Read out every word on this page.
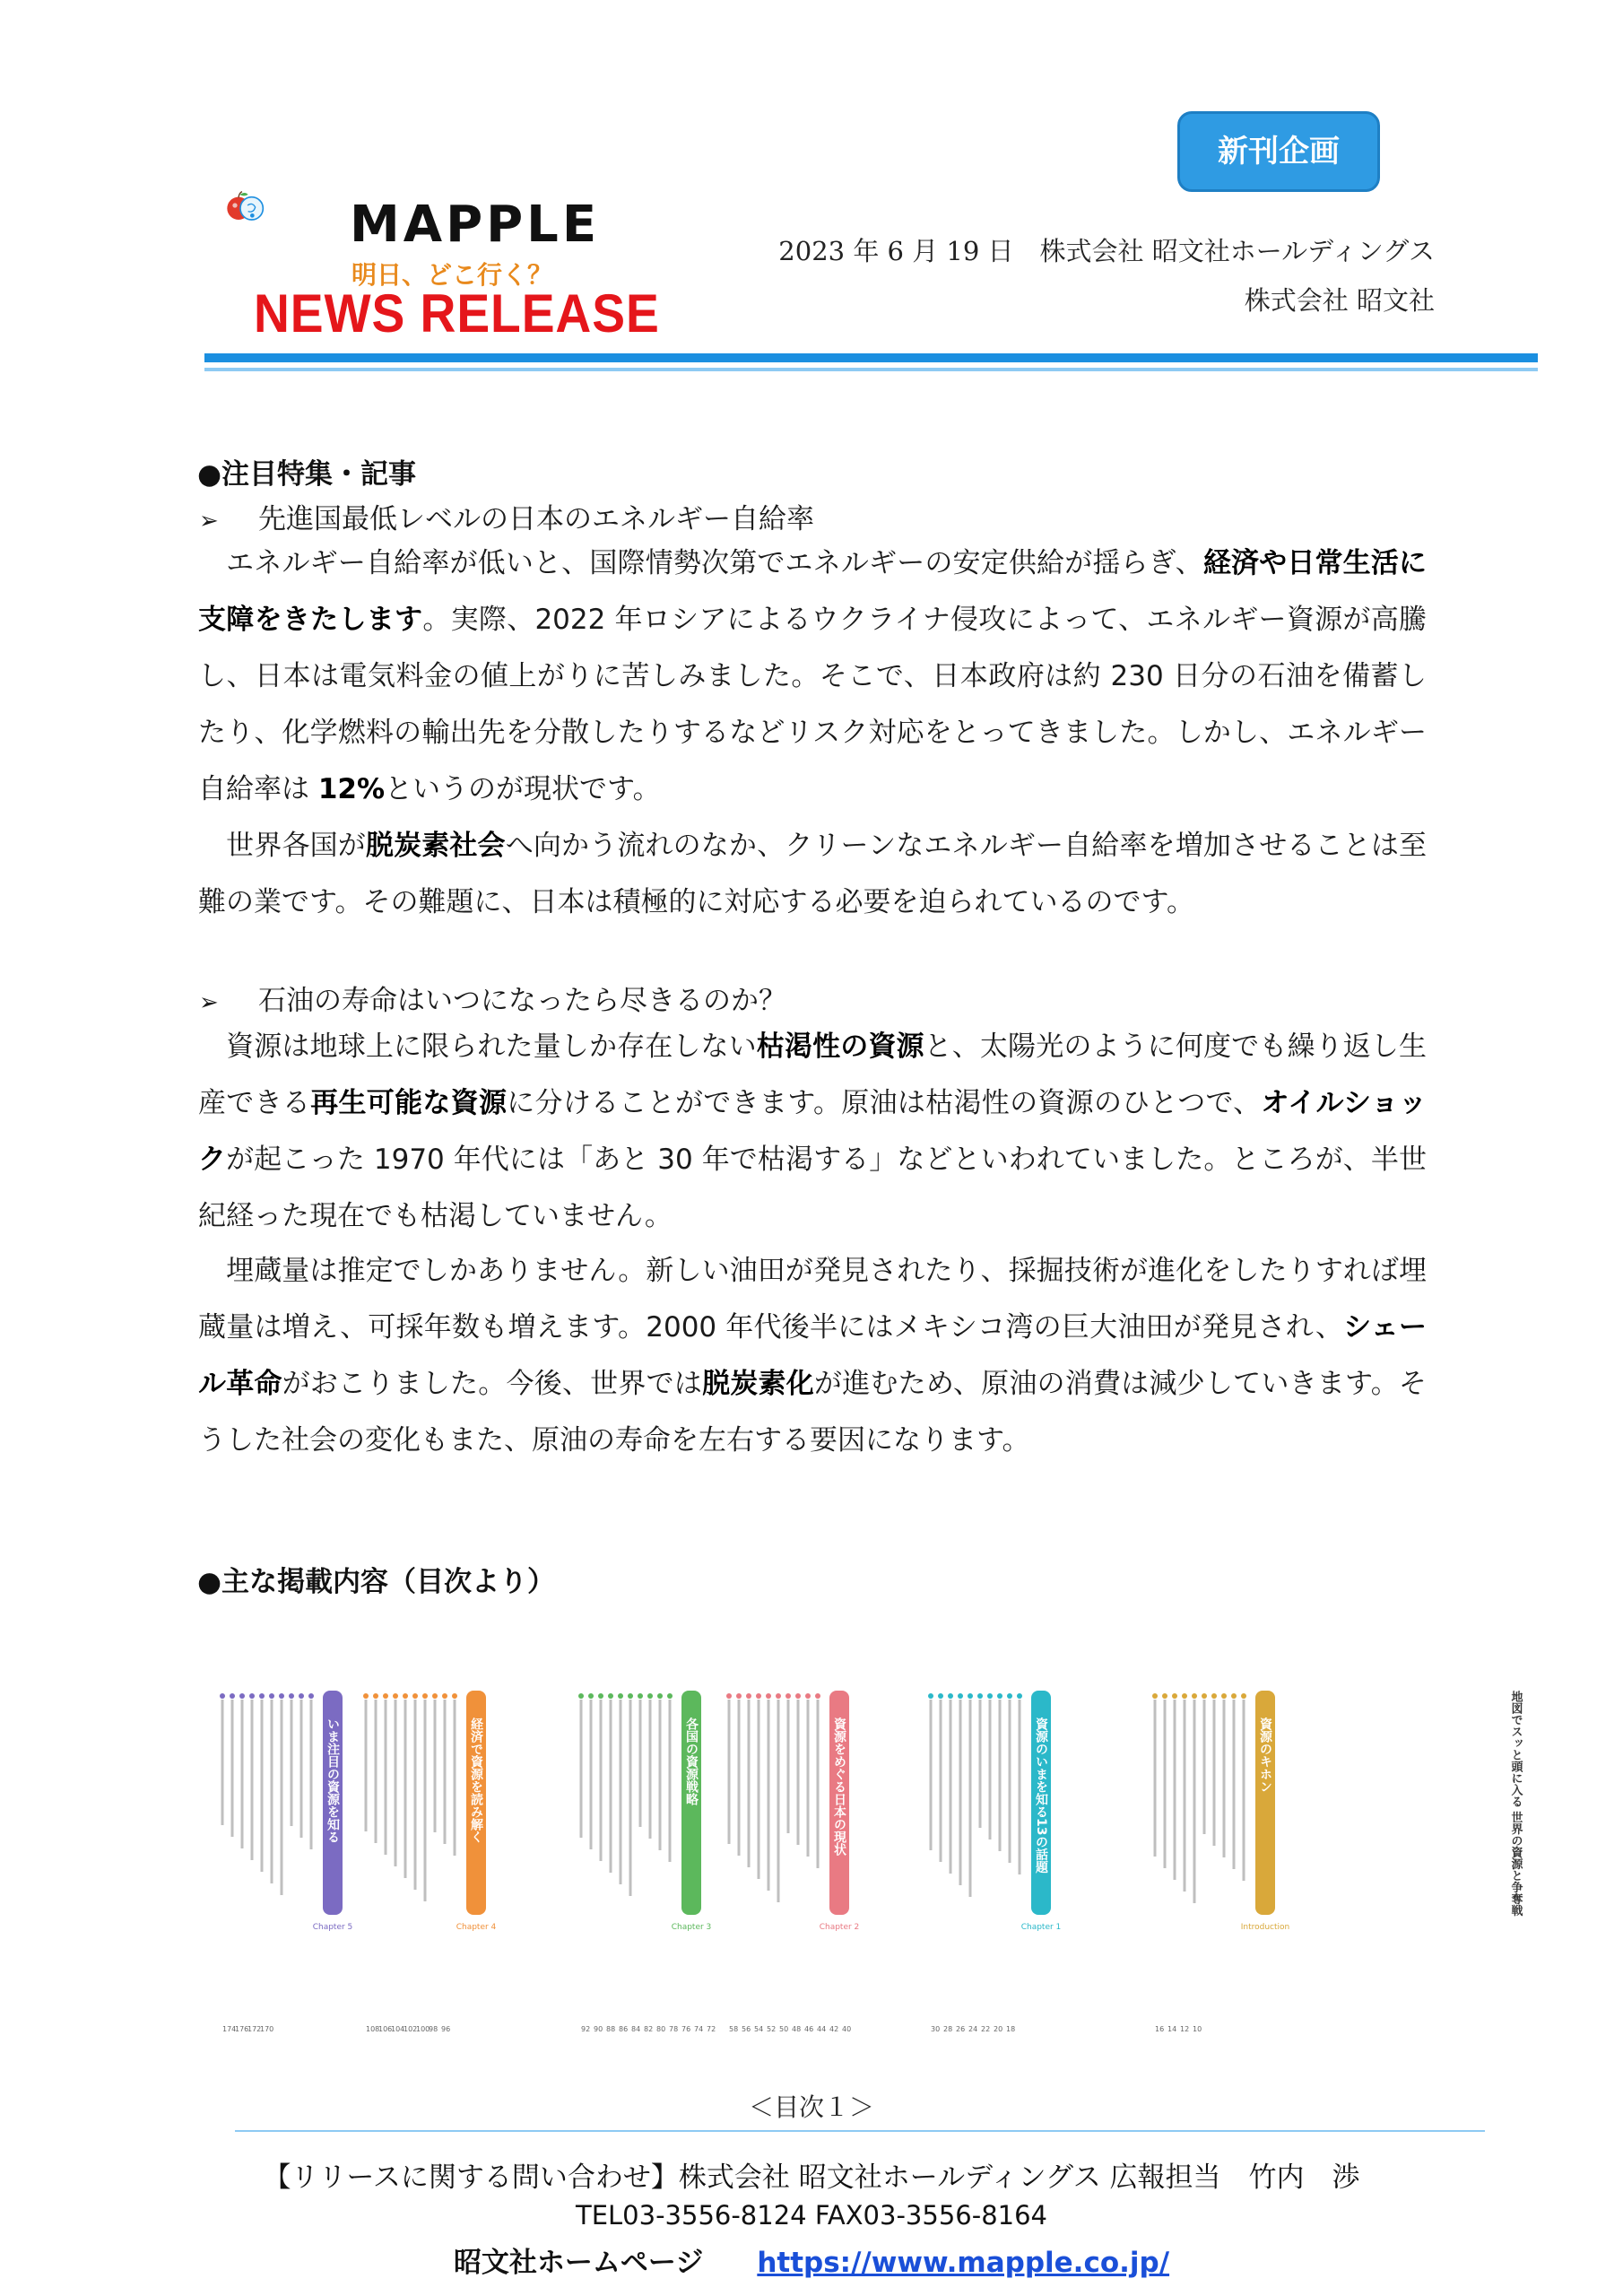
新刊企画
MAPPLE
明日、どこ行く？
NEWS RELEASE
2023 年 6 月 19 日　株式会社 昭文社ホールディングス
株式会社 昭文社
●注目特集・記事
➢ 先進国最低レベルの日本のエネルギー自給率
　エネルギー自給率が低いと、国際情勢次第でエネルギーの安定供給が揺らぎ、経済や日常生活に支障をきたします。実際、2022 年ロシアによるウクライナ侵攻によって、エネルギー資源が高騰し、日本は電気料金の値上がりに苦しみました。そこで、日本政府は約 230 日分の石油を備蓄したり、化学燃料の輸出先を分散したりするなどリスク対応をとってきました。しかし、エネルギー自給率は 12%というのが現状です。
　世界各国が脱炭素社会へ向かう流れのなか、クリーンなエネルギー自給率を増加させることは至難の業です。その難題に、日本は積極的に対応する必要を迫られているのです。
➢ 石油の寿命はいつになったら尽きるのか？
　資源は地球上に限られた量しか存在しない枯渇性の資源と、太陽光のように何度でも繰り返し生産できる再生可能な資源に分けることができます。原油は枯渇性の資源のひとつで、オイルショックが起こった 1970 年代には「あと 30 年で枯渇する」などといわれていました。ところが、半世紀経った現在でも枯渇していません。
　埋蔵量は推定でしかありません。新しい油田が発見されたり、採掘技術が進化をしたりすれば埋蔵量は増え、可採年数も増えます。2000 年代後半にはメキシコ湾の巨大油田が発見され、シェール革命がおこりました。今後、世界では脱炭素化が進むため、原油の消費は減少していきます。そうした社会の変化もまた、原油の寿命を左右する要因になります。
●主な掲載内容（目次より）
いま注目の資源を知る
Chapter 5
174
176
172
170
経済で資源を読み解く
Chapter 4
108
106
104
102
100
98 96
各国の資源戦略
Chapter 3
92 90 88 86 84 82 80 78 76 74 72
資源をめぐる日本の現状
Chapter 2
58 56 54 52 50 48 46 44 42 40
資源のいまを知る13の話題
Chapter 1
30 28 26 24 22 20 18
資源のキホン
Introduction
16 14 12 10
地図でスッと頭に入る 世界の資源と争奪戦
＜目次１＞
【リリースに関する問い合わせ】株式会社 昭文社ホールディングス 広報担当　竹内　渉
TEL03-3556-8124 FAX03-3556-8164
昭文社ホームページ https://www.mapple.co.jp/
